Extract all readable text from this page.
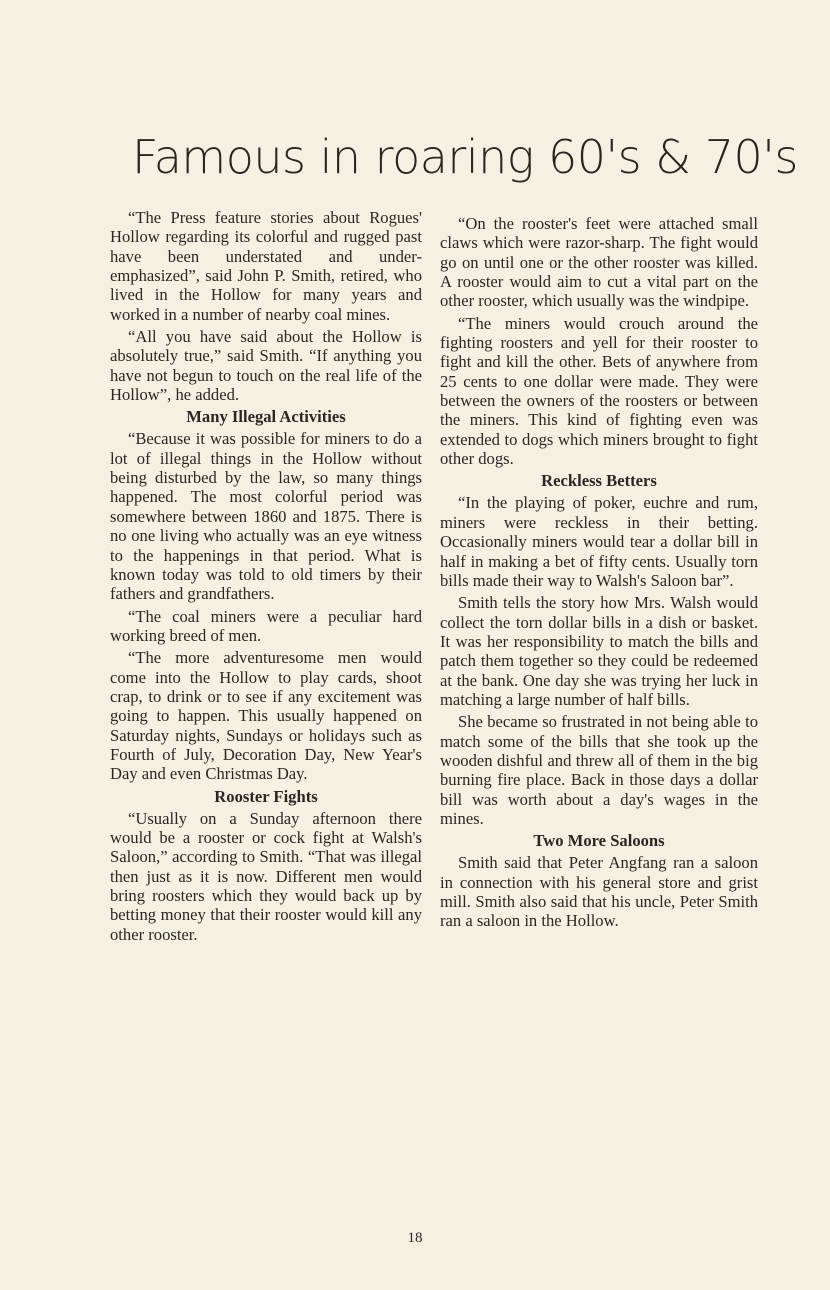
Famous in roaring 60's & 70's

“The Press feature stories about Rogues' Hollow regarding its colorful and rugged past have been understated and under-emphasized”, said John P. Smith, retired, who lived in the Hollow for many years and worked in a number of nearby coal mines.

“All you have said about the Hollow is absolutely true,” said Smith. “If anything you have not begun to touch on the real life of the Hollow”, he added.

Many Illegal Activities

“Because it was possible for miners to do a lot of illegal things in the Hollow without being disturbed by the law, so many things happened. The most colorful period was somewhere between 1860 and 1875. There is no one living who actually was an eye witness to the happenings in that period. What is known today was told to old timers by their fathers and grandfathers.

“The coal miners were a peculiar hard working breed of men.

“The more adventuresome men would come into the Hollow to play cards, shoot crap, to drink or to see if any excitement was going to happen. This usually happened on Saturday nights, Sundays or holidays such as Fourth of July, Decoration Day, New Year's Day and even Christmas Day.

Rooster Fights

“Usually on a Sunday afternoon there would be a rooster or cock fight at Walsh's Saloon,” according to Smith. “That was illegal then just as it is now. Different men would bring roosters which they would back up by betting money that their rooster would kill any other rooster.

“On the rooster's feet were attached small claws which were razor-sharp. The fight would go on until one or the other rooster was killed. A rooster would aim to cut a vital part on the other rooster, which usually was the windpipe.

“The miners would crouch around the fighting roosters and yell for their rooster to fight and kill the other. Bets of anywhere from 25 cents to one dollar were made. They were between the owners of the roosters or between the miners. This kind of fighting even was extended to dogs which miners brought to fight other dogs.

Reckless Betters

“In the playing of poker, euchre and rum, miners were reckless in their betting. Occasionally miners would tear a dollar bill in half in making a bet of fifty cents. Usually torn bills made their way to Walsh's Saloon bar”.

Smith tells the story how Mrs. Walsh would collect the torn dollar bills in a dish or basket. It was her responsibility to match the bills and patch them together so they could be redeemed at the bank. One day she was trying her luck in matching a large number of half bills.

She became so frustrated in not being able to match some of the bills that she took up the wooden dishful and threw all of them in the big burning fire place. Back in those days a dollar bill was worth about a day's wages in the mines.

Two More Saloons

Smith said that Peter Angfang ran a saloon in connection with his general store and grist mill. Smith also said that his uncle, Peter Smith ran a saloon in the Hollow.

18
